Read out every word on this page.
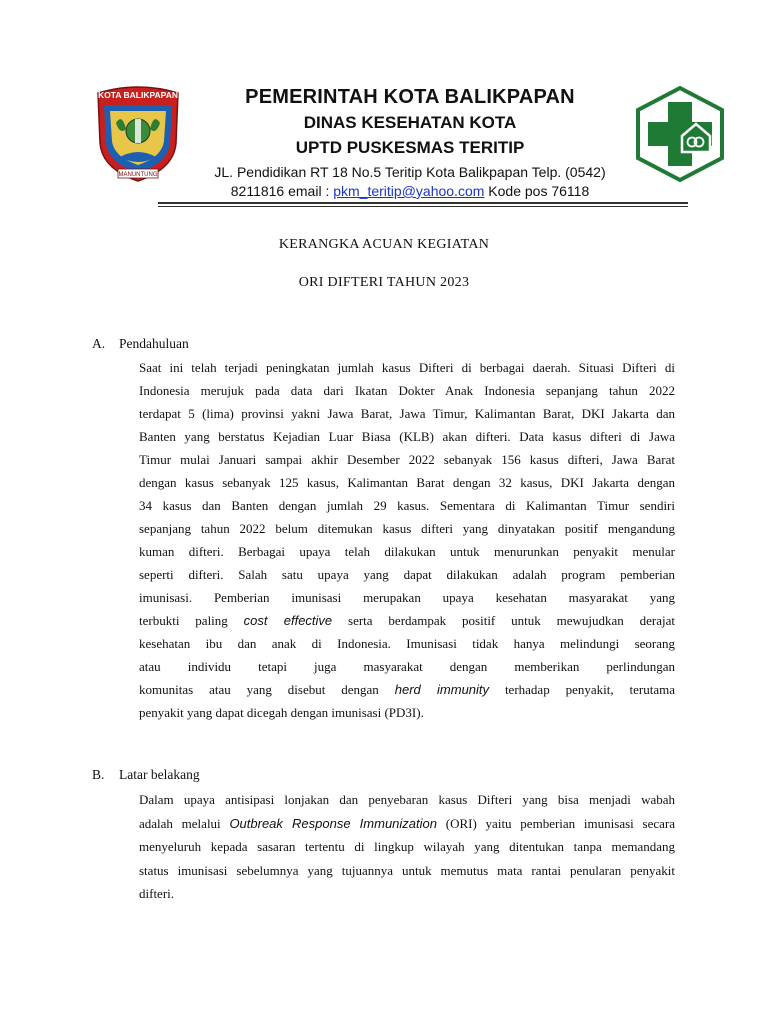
KOTA BALIKPAPAN
MANUNTUNG
PEMERINTAH KOTA BALIKPAPAN
DINAS KESEHATAN KOTA
UPTD PUSKESMAS TERITIP
JL. Pendidikan RT 18 No.5 Teritip Kota Balikpapan Telp. (0542)
8211816 email : pkm_teritip@yahoo.com Kode pos 76118
KERANGKA ACUAN KEGIATAN
ORI DIFTERI TAHUN 2023
A. Pendahuluan
Saat ini telah terjadi peningkatan jumlah kasus Difteri di berbagai daerah. Situasi Difteri di
Indonesia merujuk pada data dari Ikatan Dokter Anak Indonesia sepanjang tahun 2022
terdapat 5 (lima) provinsi yakni Jawa Barat, Jawa Timur, Kalimantan Barat, DKI Jakarta dan
Banten yang berstatus Kejadian Luar Biasa (KLB) akan difteri. Data kasus difteri di Jawa
Timur mulai Januari sampai akhir Desember 2022 sebanyak 156 kasus difteri, Jawa Barat
dengan kasus sebanyak 125 kasus, Kalimantan Barat dengan 32 kasus, DKI Jakarta dengan
34 kasus dan Banten dengan jumlah 29 kasus. Sementara di Kalimantan Timur sendiri
sepanjang tahun 2022 belum ditemukan kasus difteri yang dinyatakan positif mengandung
kuman difteri. Berbagai upaya telah dilakukan untuk menurunkan penyakit menular
seperti difteri. Salah satu upaya yang dapat dilakukan adalah program pemberian
imunisasi. Pemberian imunisasi merupakan upaya kesehatan masyarakat yang
terbukti paling cost effective serta berdampak positif untuk mewujudkan derajat
kesehatan ibu dan anak di Indonesia. Imunisasi tidak hanya melindungi seorang
atau individu tetapi juga masyarakat dengan memberikan perlindungan
komunitas atau yang disebut dengan herd immunity terhadap penyakit, terutama
penyakit yang dapat dicegah dengan imunisasi (PD3I).
B. Latar belakang
Dalam upaya antisipasi lonjakan dan penyebaran kasus Difteri yang bisa menjadi wabah
adalah melalui Outbreak Response Immunization (ORI) yaitu pemberian imunisasi secara
menyeluruh kepada sasaran tertentu di lingkup wilayah yang ditentukan tanpa memandang
status imunisasi sebelumnya yang tujuannya untuk memutus mata rantai penularan penyakit
difteri.
